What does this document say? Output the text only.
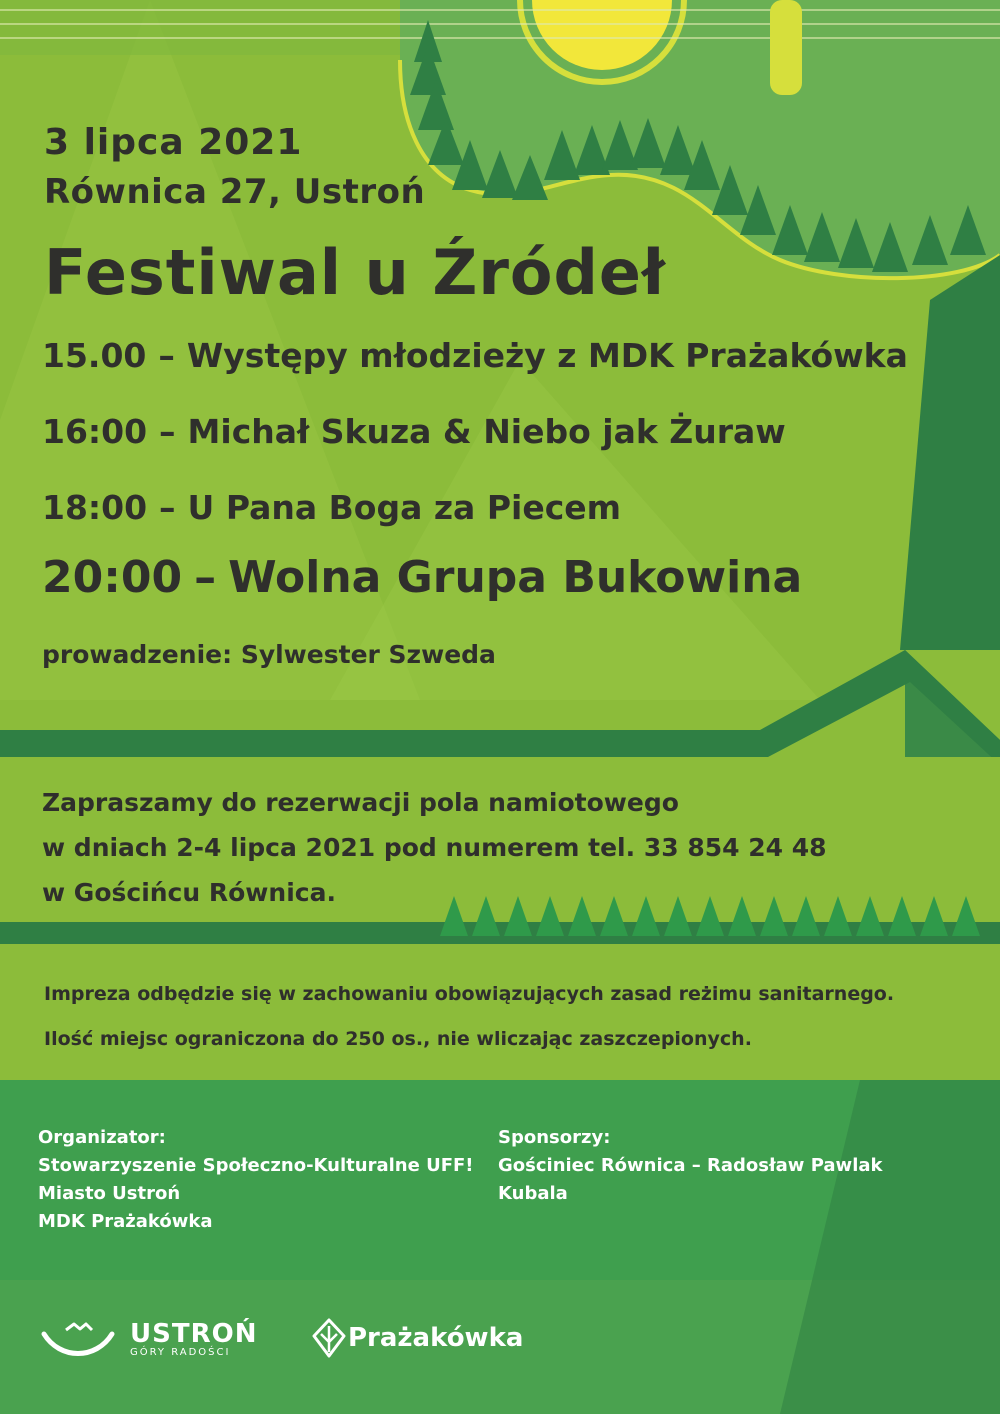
3 lipca 2021
Równica 27, Ustroń
Festiwal u Źródeł
15.00 – Występy młodzieży z MDK Prażakówka
16:00 – Michał Skuza & Niebo jak Żuraw
18:00 – U Pana Boga za Piecem
20:00 – Wolna Grupa Bukowina
prowadzenie: Sylwester Szweda
Zapraszamy do rezerwacji pola namiotowego
w dniach 2-4 lipca 2021 pod numerem tel. 33 854 24 48
w Gościńcu Równica.
Impreza odbędzie się w zachowaniu obowiązujących zasad reżimu sanitarnego.
Ilość miejsc ograniczona do 250 os., nie wliczając zaszczepionych.
Organizator:
Stowarzyszenie Społeczno-Kulturalne UFF!
Miasto Ustroń
MDK Prażakówka
Sponsorzy:
Gościniec Równica – Radosław Pawlak
Kubala
USTROŃ
GÓRY RADOŚCI	Prażakówka
